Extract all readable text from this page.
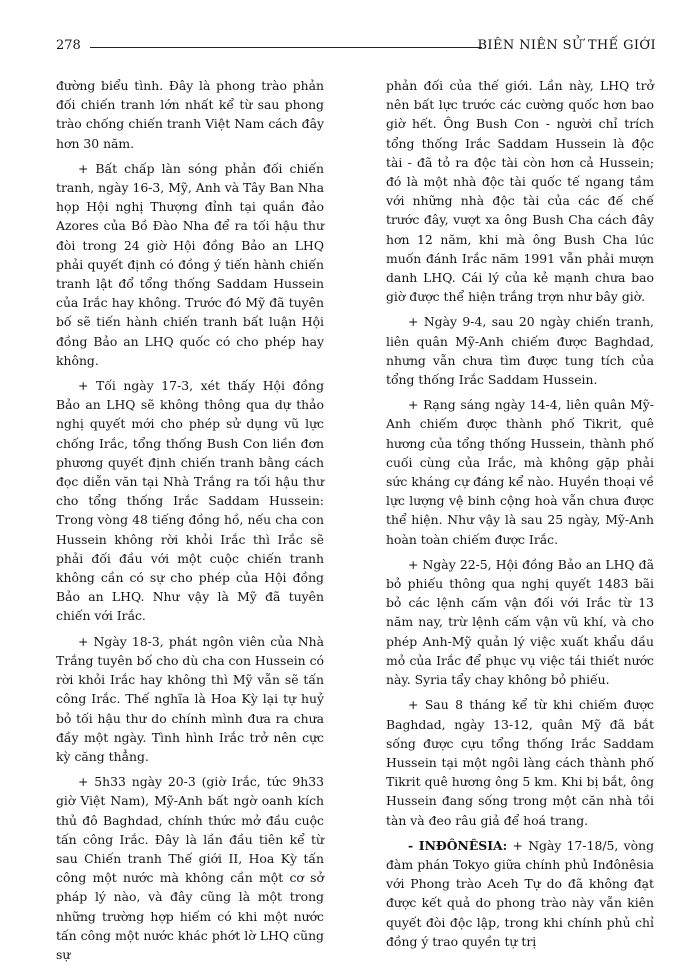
278	BIÊN NIÊN SỬ THẾ GIỚI

đường biểu tình. Đây là phong trào phản đối chiến tranh lớn nhất kể từ sau phong trào chống chiến tranh Việt Nam cách đây hơn 30 năm.

+ Bất chấp làn sóng phản đối chiến tranh, ngày 16-3, Mỹ, Anh và Tây Ban Nha họp Hội nghị Thượng đỉnh tại quần đảo Azores của Bồ Đào Nha để ra tối hậu thư đòi trong 24 giờ Hội đồng Bảo an LHQ phải quyết định có đồng ý tiến hành chiến tranh lật đổ tổng thống Saddam Hussein của Irắc hay không. Trước đó Mỹ đã tuyên bố sẽ tiến hành chiến tranh bất luận Hội đồng Bảo an LHQ quốc có cho phép hay không.

+ Tối ngày 17-3, xét thấy Hội đồng Bảo an LHQ sẽ không thông qua dự thảo nghị quyết mới cho phép sử dụng vũ lực chống Irắc, tổng thống Bush Con liền đơn phương quyết định chiến tranh bằng cách đọc diễn văn tại Nhà Trắng ra tối hậu thư cho tổng thống Irắc Saddam Hussein: Trong vòng 48 tiếng đồng hồ, nếu cha con Hussein không rời khỏi Irắc thì Irắc sẽ phải đối đầu với một cuộc chiến tranh không cần có sự cho phép của Hội đồng Bảo an LHQ. Như vậy là Mỹ đã tuyên chiến với Irắc.

+ Ngày 18-3, phát ngôn viên của Nhà Trắng tuyên bố cho dù cha con Hussein có rời khỏi Irắc hay không thì Mỹ vẫn sẽ tấn công Irắc. Thế nghĩa là Hoa Kỳ lại tự huỷ bỏ tối hậu thư do chính mình đưa ra chưa đầy một ngày. Tình hình Irắc trở nên cực kỳ căng thẳng.

+ 5h33 ngày 20-3 (giờ Irắc, tức 9h33 giờ Việt Nam), Mỹ-Anh bất ngờ oanh kích thủ đô Baghdad, chính thức mở đầu cuộc tấn công Irắc. Đây là lần đầu tiên kể từ sau Chiến tranh Thế giới II, Hoa Kỳ tấn công một nước mà không cần một cơ sở pháp lý nào, và đây cũng là một trong những trường hợp hiếm có khi một nước tấn công một nước khác phớt lờ LHQ cũng sự

phản đối của thế giới. Lần này, LHQ trở nên bất lực trước các cường quốc hơn bao giờ hết. Ông Bush Con - người chỉ trích tổng thống Irắc Saddam Hussein là độc tài - đã tỏ ra độc tài còn hơn cả Hussein; đó là một nhà độc tài quốc tế ngang tầm với những nhà độc tài của các đế chế trước đây, vượt xa ông Bush Cha cách đây hơn 12 năm, khi mà ông Bush Cha lúc muốn đánh Irắc năm 1991 vẫn phải mượn danh LHQ. Cái lý của kẻ mạnh chưa bao giờ được thể hiện trắng trợn như bây giờ.

+ Ngày 9-4, sau 20 ngày chiến tranh, liên quân Mỹ-Anh chiếm được Baghdad, nhưng vẫn chưa tìm được tung tích của tổng thống Irắc Saddam Hussein.

+ Rạng sáng ngày 14-4, liên quân Mỹ-Anh chiếm được thành phố Tikrit, quê hương của tổng thống Hussein, thành phố cuối cùng của Irắc, mà không gặp phải sức kháng cự đáng kể nào. Huyền thoại về lực lượng vệ binh cộng hoà vẫn chưa được thể hiện. Như vậy là sau 25 ngày, Mỹ-Anh hoàn toàn chiếm được Irắc.

+ Ngày 22-5, Hội đồng Bảo an LHQ đã bỏ phiếu thông qua nghị quyết 1483 bãi bỏ các lệnh cấm vận đối với Irắc từ 13 năm nay, trừ lệnh cấm vận vũ khí, và cho phép Anh-Mỹ quản lý việc xuất khẩu dầu mỏ của Irắc để phục vụ việc tái thiết nước này. Syria tẩy chay không bỏ phiếu.

+ Sau 8 tháng kể từ khi chiếm được Baghdad, ngày 13-12, quân Mỹ đã bắt sống được cựu tổng thống Irắc Saddam Hussein tại một ngôi làng cách thành phố Tikrit quê hương ông 5 km. Khi bị bắt, ông Hussein đang sống trong một căn nhà tồi tàn và đeo râu giả để hoá trang.

- INĐÔNÊSIA: + Ngày 17-18/5, vòng đàm phán Tokyo giữa chính phủ Inđônêsia với Phong trào Aceh Tự do đã không đạt được kết quả do phong trào này vẫn kiên quyết đòi độc lập, trong khi chính phủ chỉ đồng ý trao quyền tự trị
